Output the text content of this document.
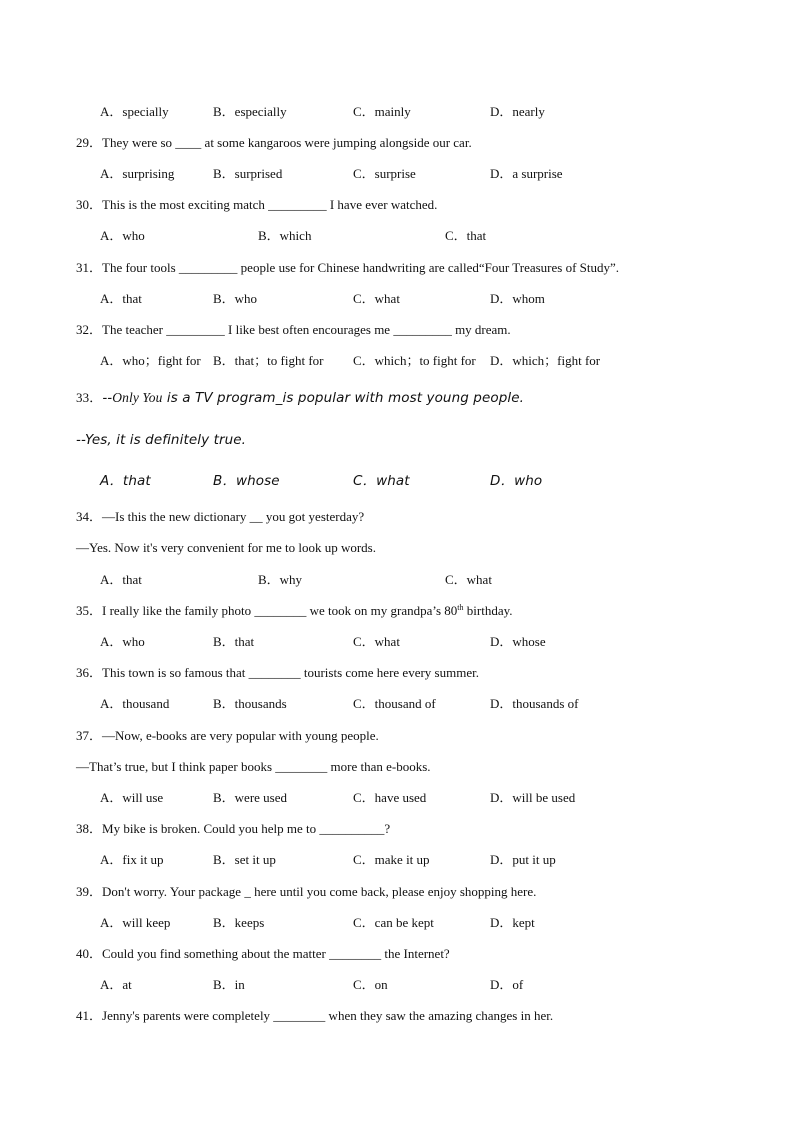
A．specially	B．especially	C．mainly	D．nearly
29．They were so ____ at some kangaroos were jumping alongside our car.
A．surprising	B．surprised	C．surprise	D．a surprise
30．This is the most exciting match _________ I have ever watched.
A．who	B．which	C．that
31．The four tools _________ people use for Chinese handwriting are called“Four Treasures of Study”.
A．that	B．who	C．what	D．whom
32．The teacher _________ I like best often encourages me _________ my dream.
A．who；fight for B．that；to fight for C．which；to fight for D．which；fight for
33．--Only You is a TV program_is popular with most young people.
--Yes, it is definitely true.
A．that	B．whose	C．what	D．who
34．—Is this the new dictionary __ you got yesterday?
—Yes. Now it's very convenient for me to look up words.
A．that	B．why	C．what
35．I really like the family photo ________ we took on my grandpa’s 80th birthday.
A．who	B．that	C．what	D．whose
36．This town is so famous that ________ tourists come here every summer.
A．thousand	B．thousands	C．thousand of	D．thousands of
37．—Now, e-books are very popular with young people.
—That’s true, but I think paper books ________ more than e-books.
A．will use	B．were used	C．have used	D．will be used
38．My bike is broken. Could you help me to __________?
A．fix it up	B．set it up	C．make it up	D．put it up
39．Don't worry. Your package _ here until you come back, please enjoy shopping here.
A．will keep	B．keeps	C．can be kept	D．kept
40．Could you find something about the matter ________ the Internet?
A．at	B．in	C．on	D．of
41．Jenny's parents were completely ________ when they saw the amazing changes in her.
